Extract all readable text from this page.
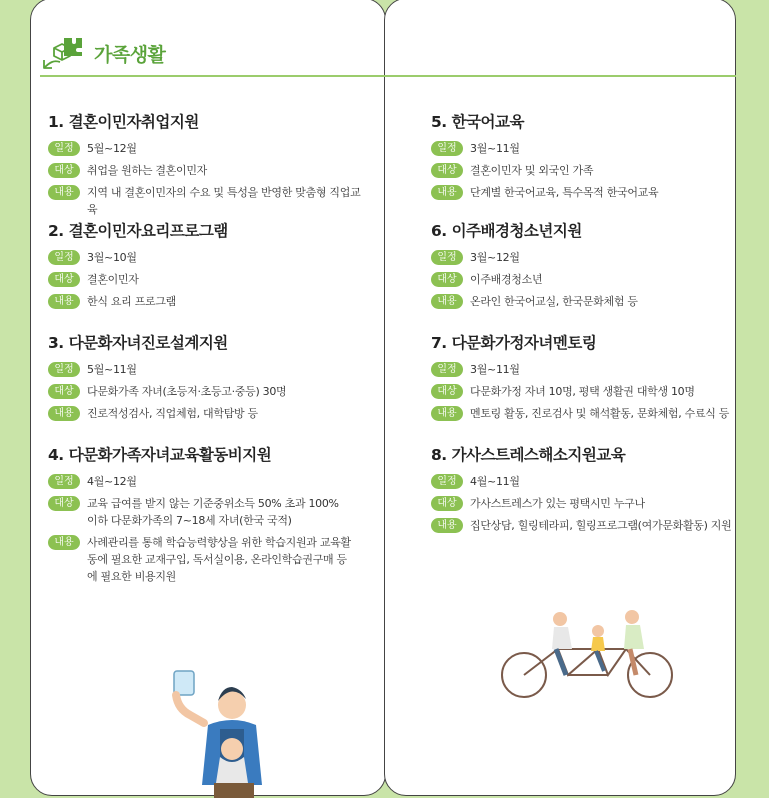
가족생활
1. 결혼이민자취업지원
일정	5월~12월
대상	취업을 원하는 결혼이민자
내용	지역 내 결혼이민자의 수요 및 특성을 반영한 맞춤형 직업교육
2. 결혼이민자요리프로그램
일정	3월~10월
대상	결혼이민자
내용	한식 요리 프로그램
3. 다문화자녀진로설계지원
일정	5월~11월
대상	다문화가족 자녀(초등저·초등고·중등) 30명
내용	진로적성검사, 직업체험, 대학탐방 등
4. 다문화가족자녀교육활동비지원
일정	4월~12월
대상	교육 급여를 받지 않는 기준중위소득 50% 초과 100% 이하 다문화가족의 7~18세 자녀(한국 국적)
내용	사례관리를 통해 학습능력향상을 위한 학습지원과 교육활동에 필요한 교재구입, 독서실이용, 온라인학습권구매 등에 필요한 비용지원
5. 한국어교육
일정	3월~11월
대상	결혼이민자 및 외국인 가족
내용	단계별 한국어교육, 특수목적 한국어교육
6. 이주배경청소년지원
일정	3월~12월
대상	이주배경청소년
내용	온라인 한국어교실, 한국문화체험 등
7. 다문화가정자녀멘토링
일정	3월~11월
대상	다문화가정 자녀 10명, 평택 생활권 대학생 10명
내용	멘토링 활동, 진로검사 및 해석활동, 문화체험, 수료식 등
8. 가사스트레스해소지원교육
일정	4월~11월
대상	가사스트레스가 있는 평택시민 누구나
내용	집단상담, 힐링테라피, 힐링프로그램(여가문화활동) 지원
